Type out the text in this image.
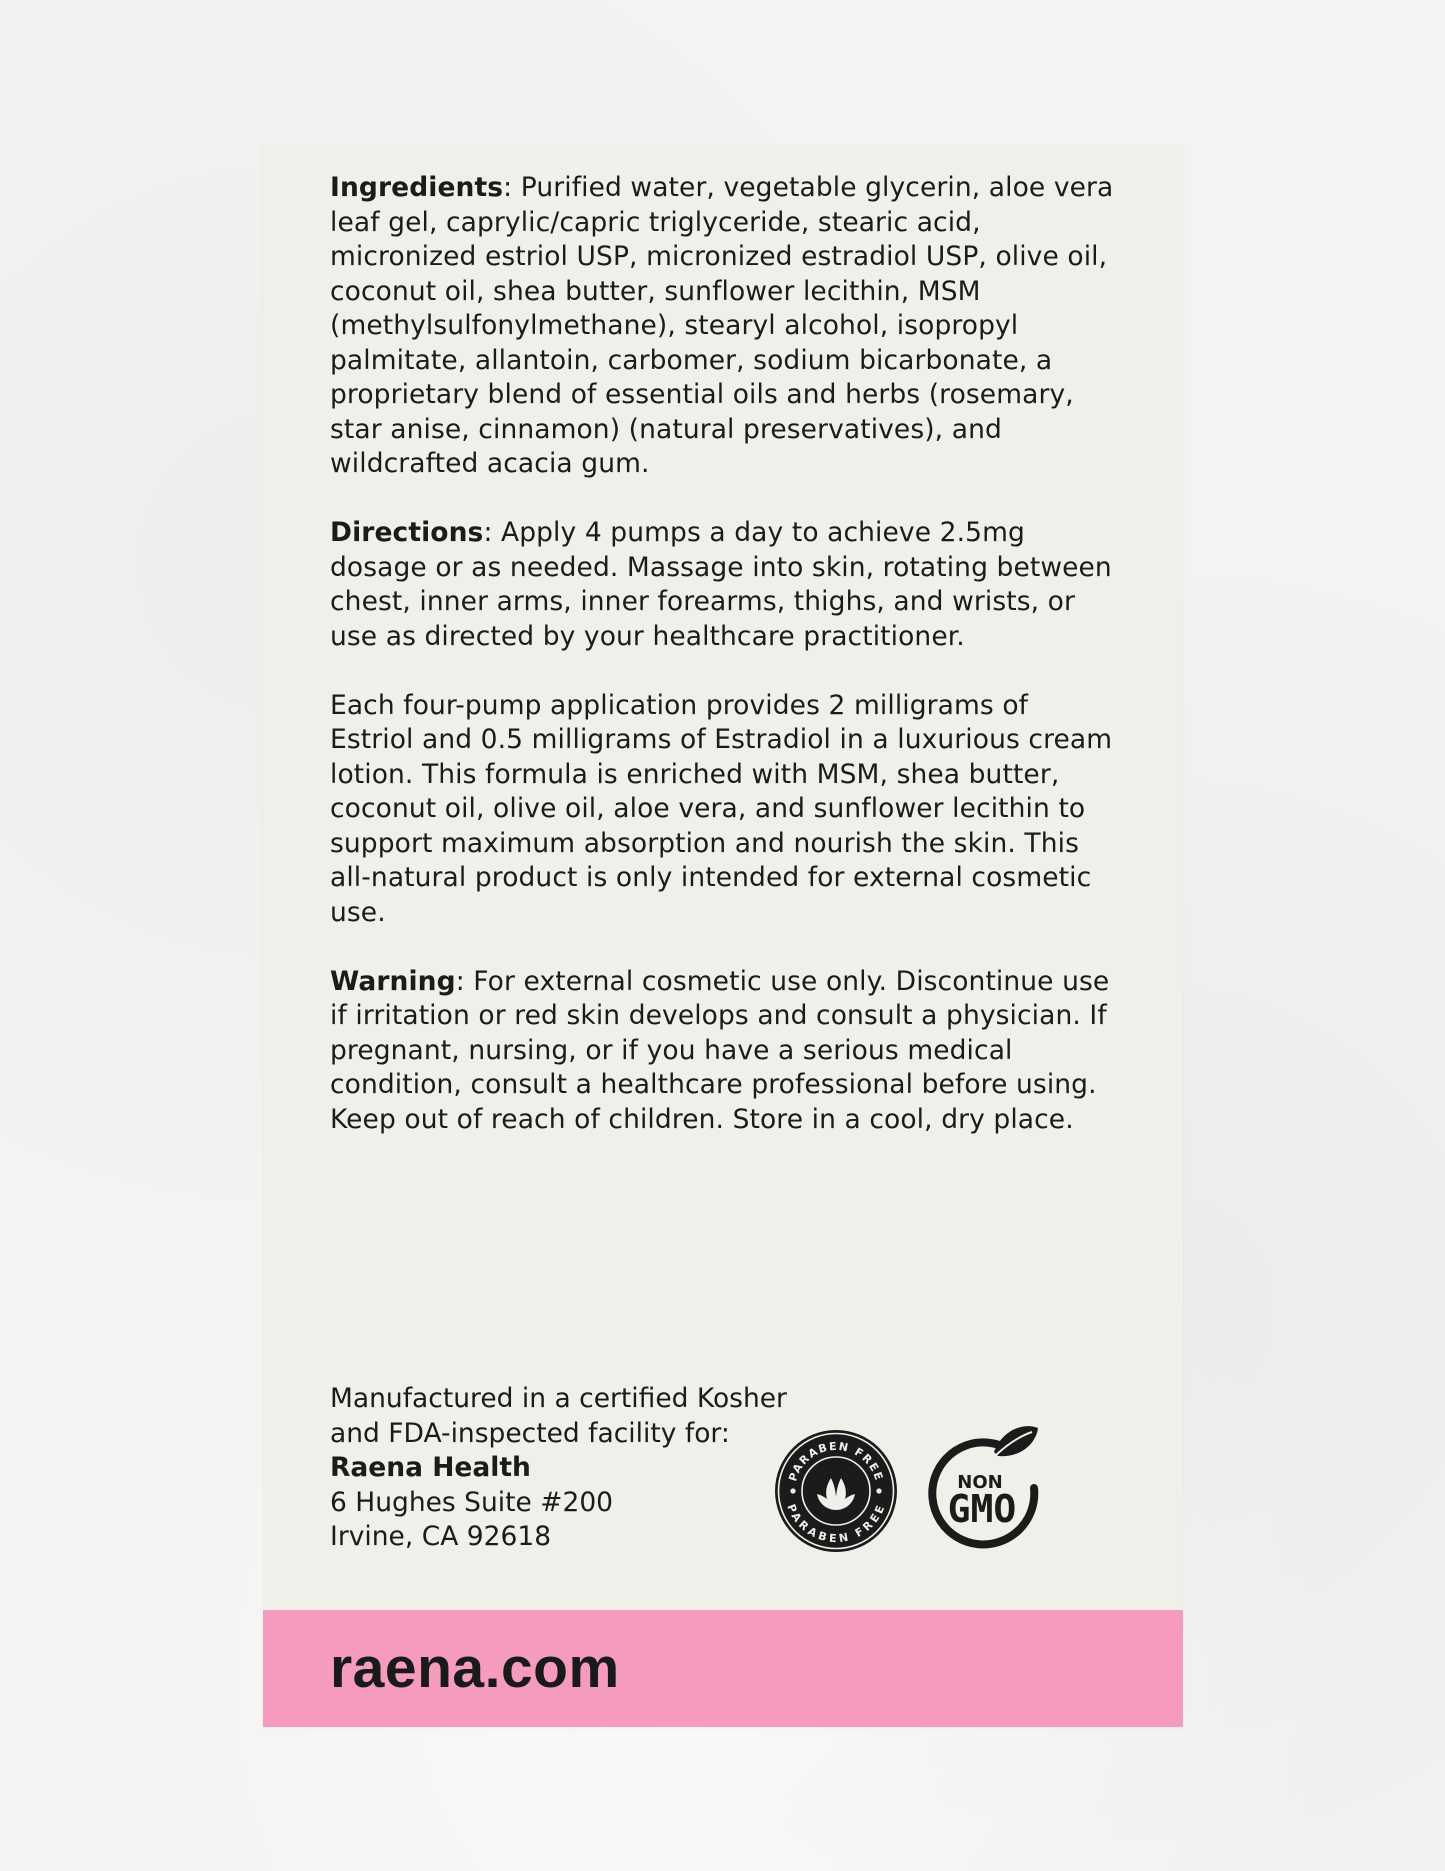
Ingredients: Purified water, vegetable glycerin, aloe vera leaf gel, caprylic/capric triglyceride, stearic acid, micronized estriol USP, micronized estradiol USP, olive oil, coconut oil, shea butter, sunflower lecithin, MSM (methylsulfonylmethane), stearyl alcohol, isopropyl palmitate, allantoin, carbomer, sodium bicarbonate, a proprietary blend of essential oils and herbs (rosemary, star anise, cinnamon) (natural preservatives), and wildcrafted acacia gum.

Directions: Apply 4 pumps a day to achieve 2.5mg dosage or as needed. Massage into skin, rotating between chest, inner arms, inner forearms, thighs, and wrists, or use as directed by your healthcare practitioner.

Each four-pump application provides 2 milligrams of Estriol and 0.5 milligrams of Estradiol in a luxurious cream lotion. This formula is enriched with MSM, shea butter, coconut oil, olive oil, aloe vera, and sunflower lecithin to support maximum absorption and nourish the skin. This all-natural product is only intended for external cosmetic use.

Warning: For external cosmetic use only. Discontinue use if irritation or red skin develops and consult a physician. If pregnant, nursing, or if you have a serious medical condition, consult a healthcare professional before using. Keep out of reach of children. Store in a cool, dry place.

Manufactured in a certified Kosher
and FDA-inspected facility for:
Raena Health
6 Hughes Suite #200
Irvine, CA 92618
PARABEN FREE
PARABEN FREE
NON
GMO
raena.com
